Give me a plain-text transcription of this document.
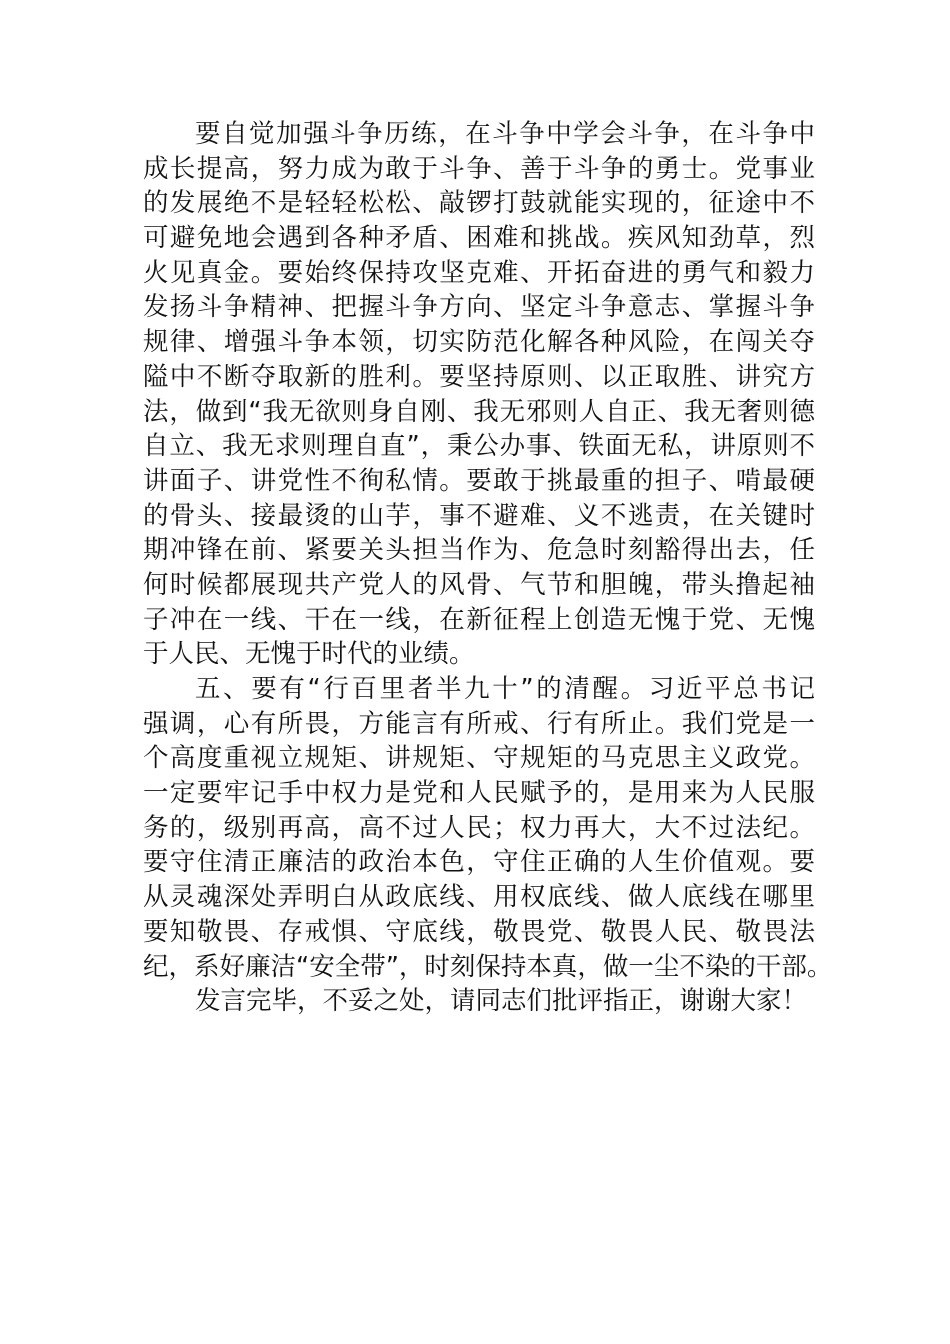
要自觉加强斗争历练，在斗争中学会斗争，在斗争中
成长提高，努力成为敢于斗争、善于斗争的勇士。党事业
的发展绝不是轻轻松松、敲锣打鼓就能实现的，征途中不
可避免地会遇到各种矛盾、困难和挑战。疾风知劲草，烈
火见真金。要始终保持攻坚克难、开拓奋进的勇气和毅力
发扬斗争精神、把握斗争方向、坚定斗争意志、掌握斗争
规律、增强斗争本领，切实防范化解各种风险，在闯关夺
隘中不断夺取新的胜利。要坚持原则、以正取胜、讲究方
法，做到“我无欲则身自刚、我无邪则人自正、我无奢则德
自立、我无求则理自直”，秉公办事、铁面无私，讲原则不
讲面子、讲党性不徇私情。要敢于挑最重的担子、啃最硬
的骨头、接最烫的山芋，事不避难、义不逃责，在关键时
期冲锋在前、紧要关头担当作为、危急时刻豁得出去，任
何时候都展现共产党人的风骨、气节和胆魄，带头撸起袖
子冲在一线、干在一线，在新征程上创造无愧于党、无愧
于人民、无愧于时代的业绩。
五、要有“行百里者半九十”的清醒。习近平总书记
强调，心有所畏，方能言有所戒、行有所止。我们党是一
个高度重视立规矩、讲规矩、守规矩的马克思主义政党。
一定要牢记手中权力是党和人民赋予的，是用来为人民服
务的，级别再高，高不过人民；权力再大，大不过法纪。
要守住清正廉洁的政治本色，守住正确的人生价值观。要
从灵魂深处弄明白从政底线、用权底线、做人底线在哪里
要知敬畏、存戒惧、守底线，敬畏党、敬畏人民、敬畏法
纪，系好廉洁“安全带”，时刻保持本真，做一尘不染的干部。
发言完毕，不妥之处，请同志们批评指正，谢谢大家！
